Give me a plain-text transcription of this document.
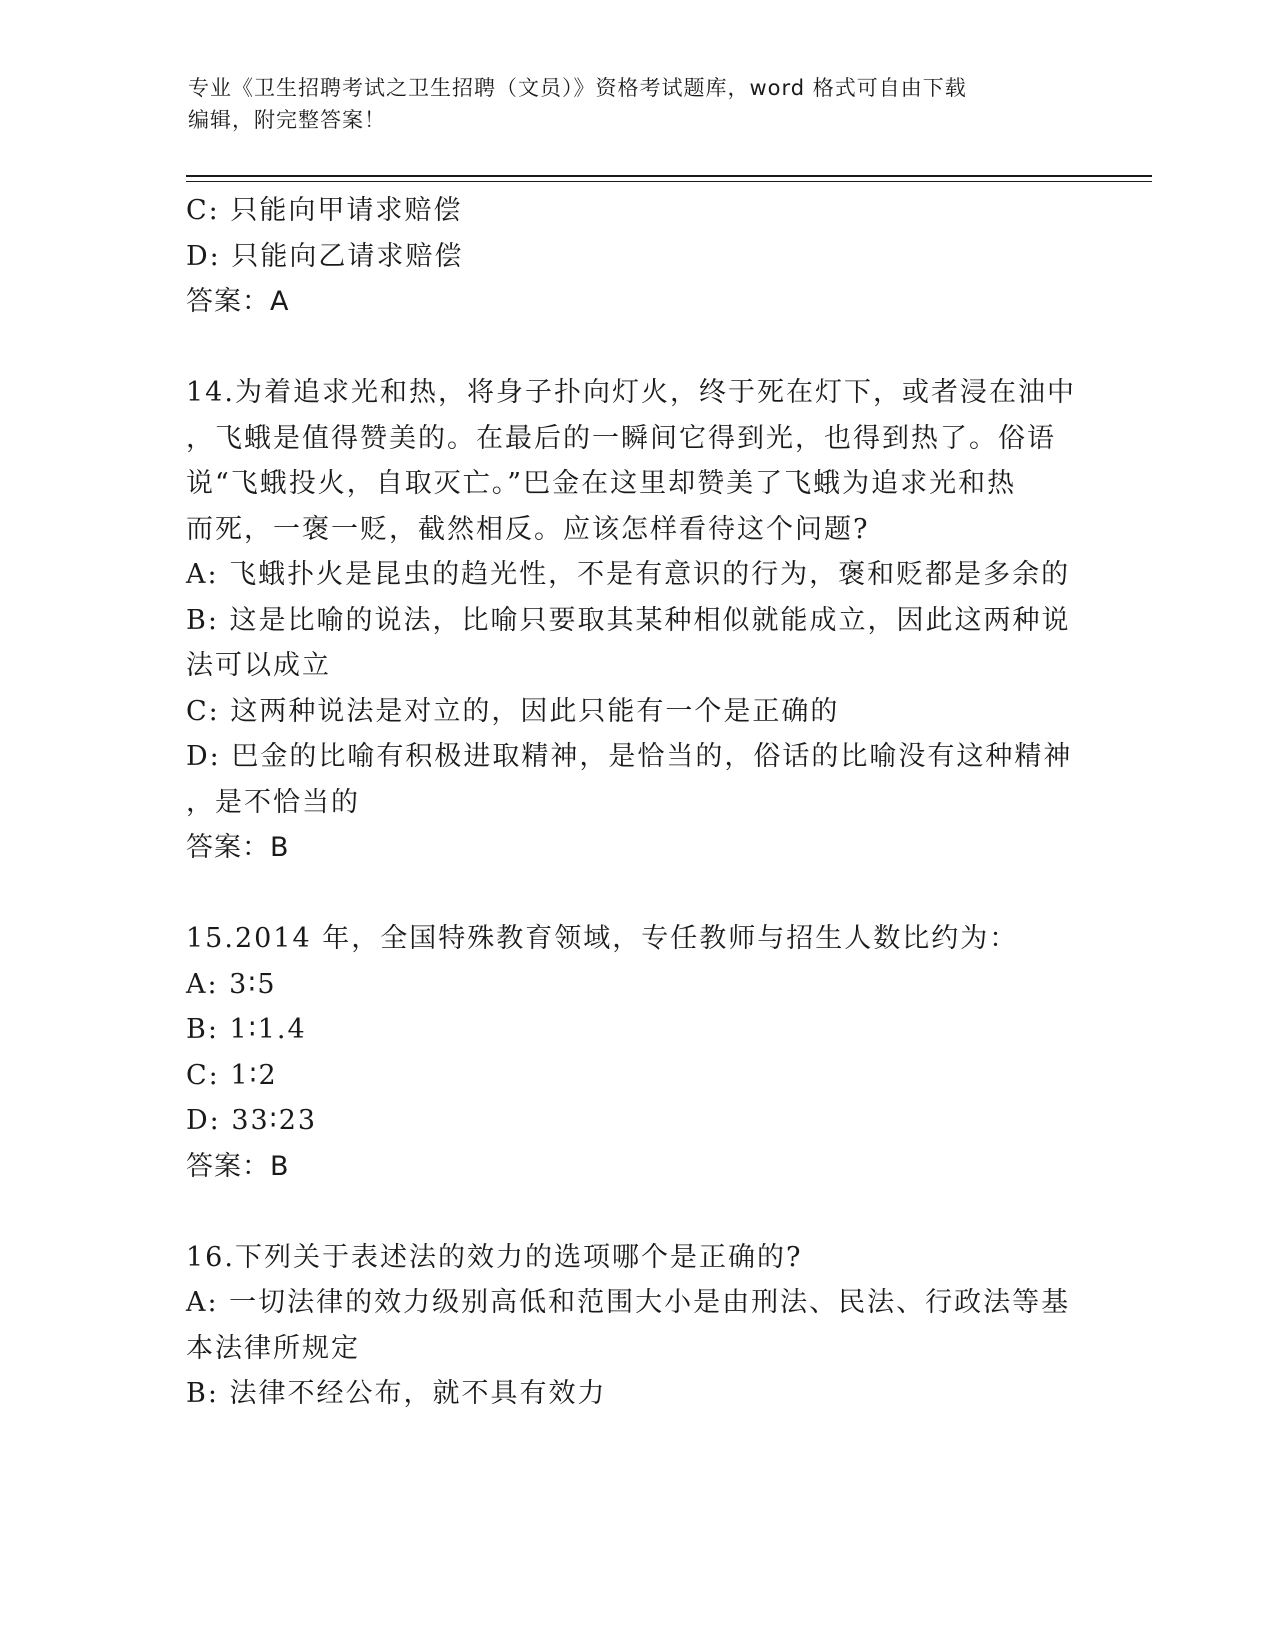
专业《卫生招聘考试之卫生招聘（文员）》资格考试题库，word 格式可自由下载
编辑，附完整答案！
C: 只能向甲请求赔偿
D: 只能向乙请求赔偿
答案：A
14.为着追求光和热，将身子扑向灯火，终于死在灯下，或者浸在油中
，飞蛾是值得赞美的。在最后的一瞬间它得到光，也得到热了。俗语
说“飞蛾投火，自取灭亡。”巴金在这里却赞美了飞蛾为追求光和热
而死，一褒一贬，截然相反。应该怎样看待这个问题?
A: 飞蛾扑火是昆虫的趋光性，不是有意识的行为，褒和贬都是多余的
B: 这是比喻的说法，比喻只要取其某种相似就能成立，因此这两种说
法可以成立
C: 这两种说法是对立的，因此只能有一个是正确的
D: 巴金的比喻有积极进取精神，是恰当的，俗话的比喻没有这种精神
，是不恰当的
答案：B
15.2014 年，全国特殊教育领域，专任教师与招生人数比约为：
A: 3∶5
B: 1∶1.4
C: 1∶2
D: 33∶23
答案：B
16.下列关于表述法的效力的选项哪个是正确的?
A: 一切法律的效力级别高低和范围大小是由刑法、民法、行政法等基
本法律所规定
B: 法律不经公布，就不具有效力
